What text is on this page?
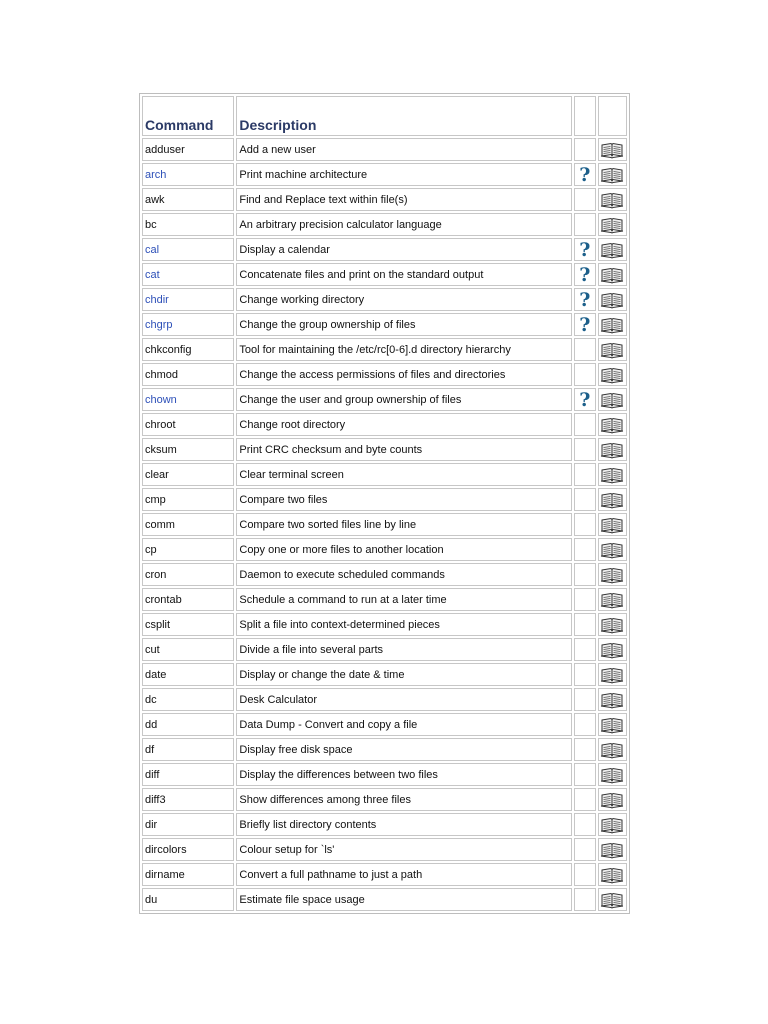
Command	Description		
adduser	Add a new user		

arch	Print machine architecture	?	

awk	Find and Replace text within file(s)		

bc	An arbitrary precision calculator language		

cal	Display a calendar	?	

cat	Concatenate files and print on the standard output	?	

chdir	Change working directory	?	

chgrp	Change the group ownership of files	?	

chkconfig	Tool for maintaining the /etc/rc[0-6].d directory hierarchy		

chmod	Change the access permissions of files and directories		

chown	Change the user and group ownership of files	?	

chroot	Change root directory		

cksum	Print CRC checksum and byte counts		

clear	Clear terminal screen		

cmp	Compare two files		

comm	Compare two sorted files line by line		

cp	Copy one or more files to another location		

cron	Daemon to execute scheduled commands		

crontab	Schedule a command to run at a later time		

csplit	Split a file into context-determined pieces		

cut	Divide a file into several parts		

date	Display or change the date & time		

dc	Desk Calculator		

dd	Data Dump - Convert and copy a file		

df	Display free disk space		

diff	Display the differences between two files		

diff3	Show differences among three files		

dir	Briefly list directory contents		

dircolors	Colour setup for `ls'		

dirname	Convert a full pathname to just a path		

du	Estimate file space usage		
